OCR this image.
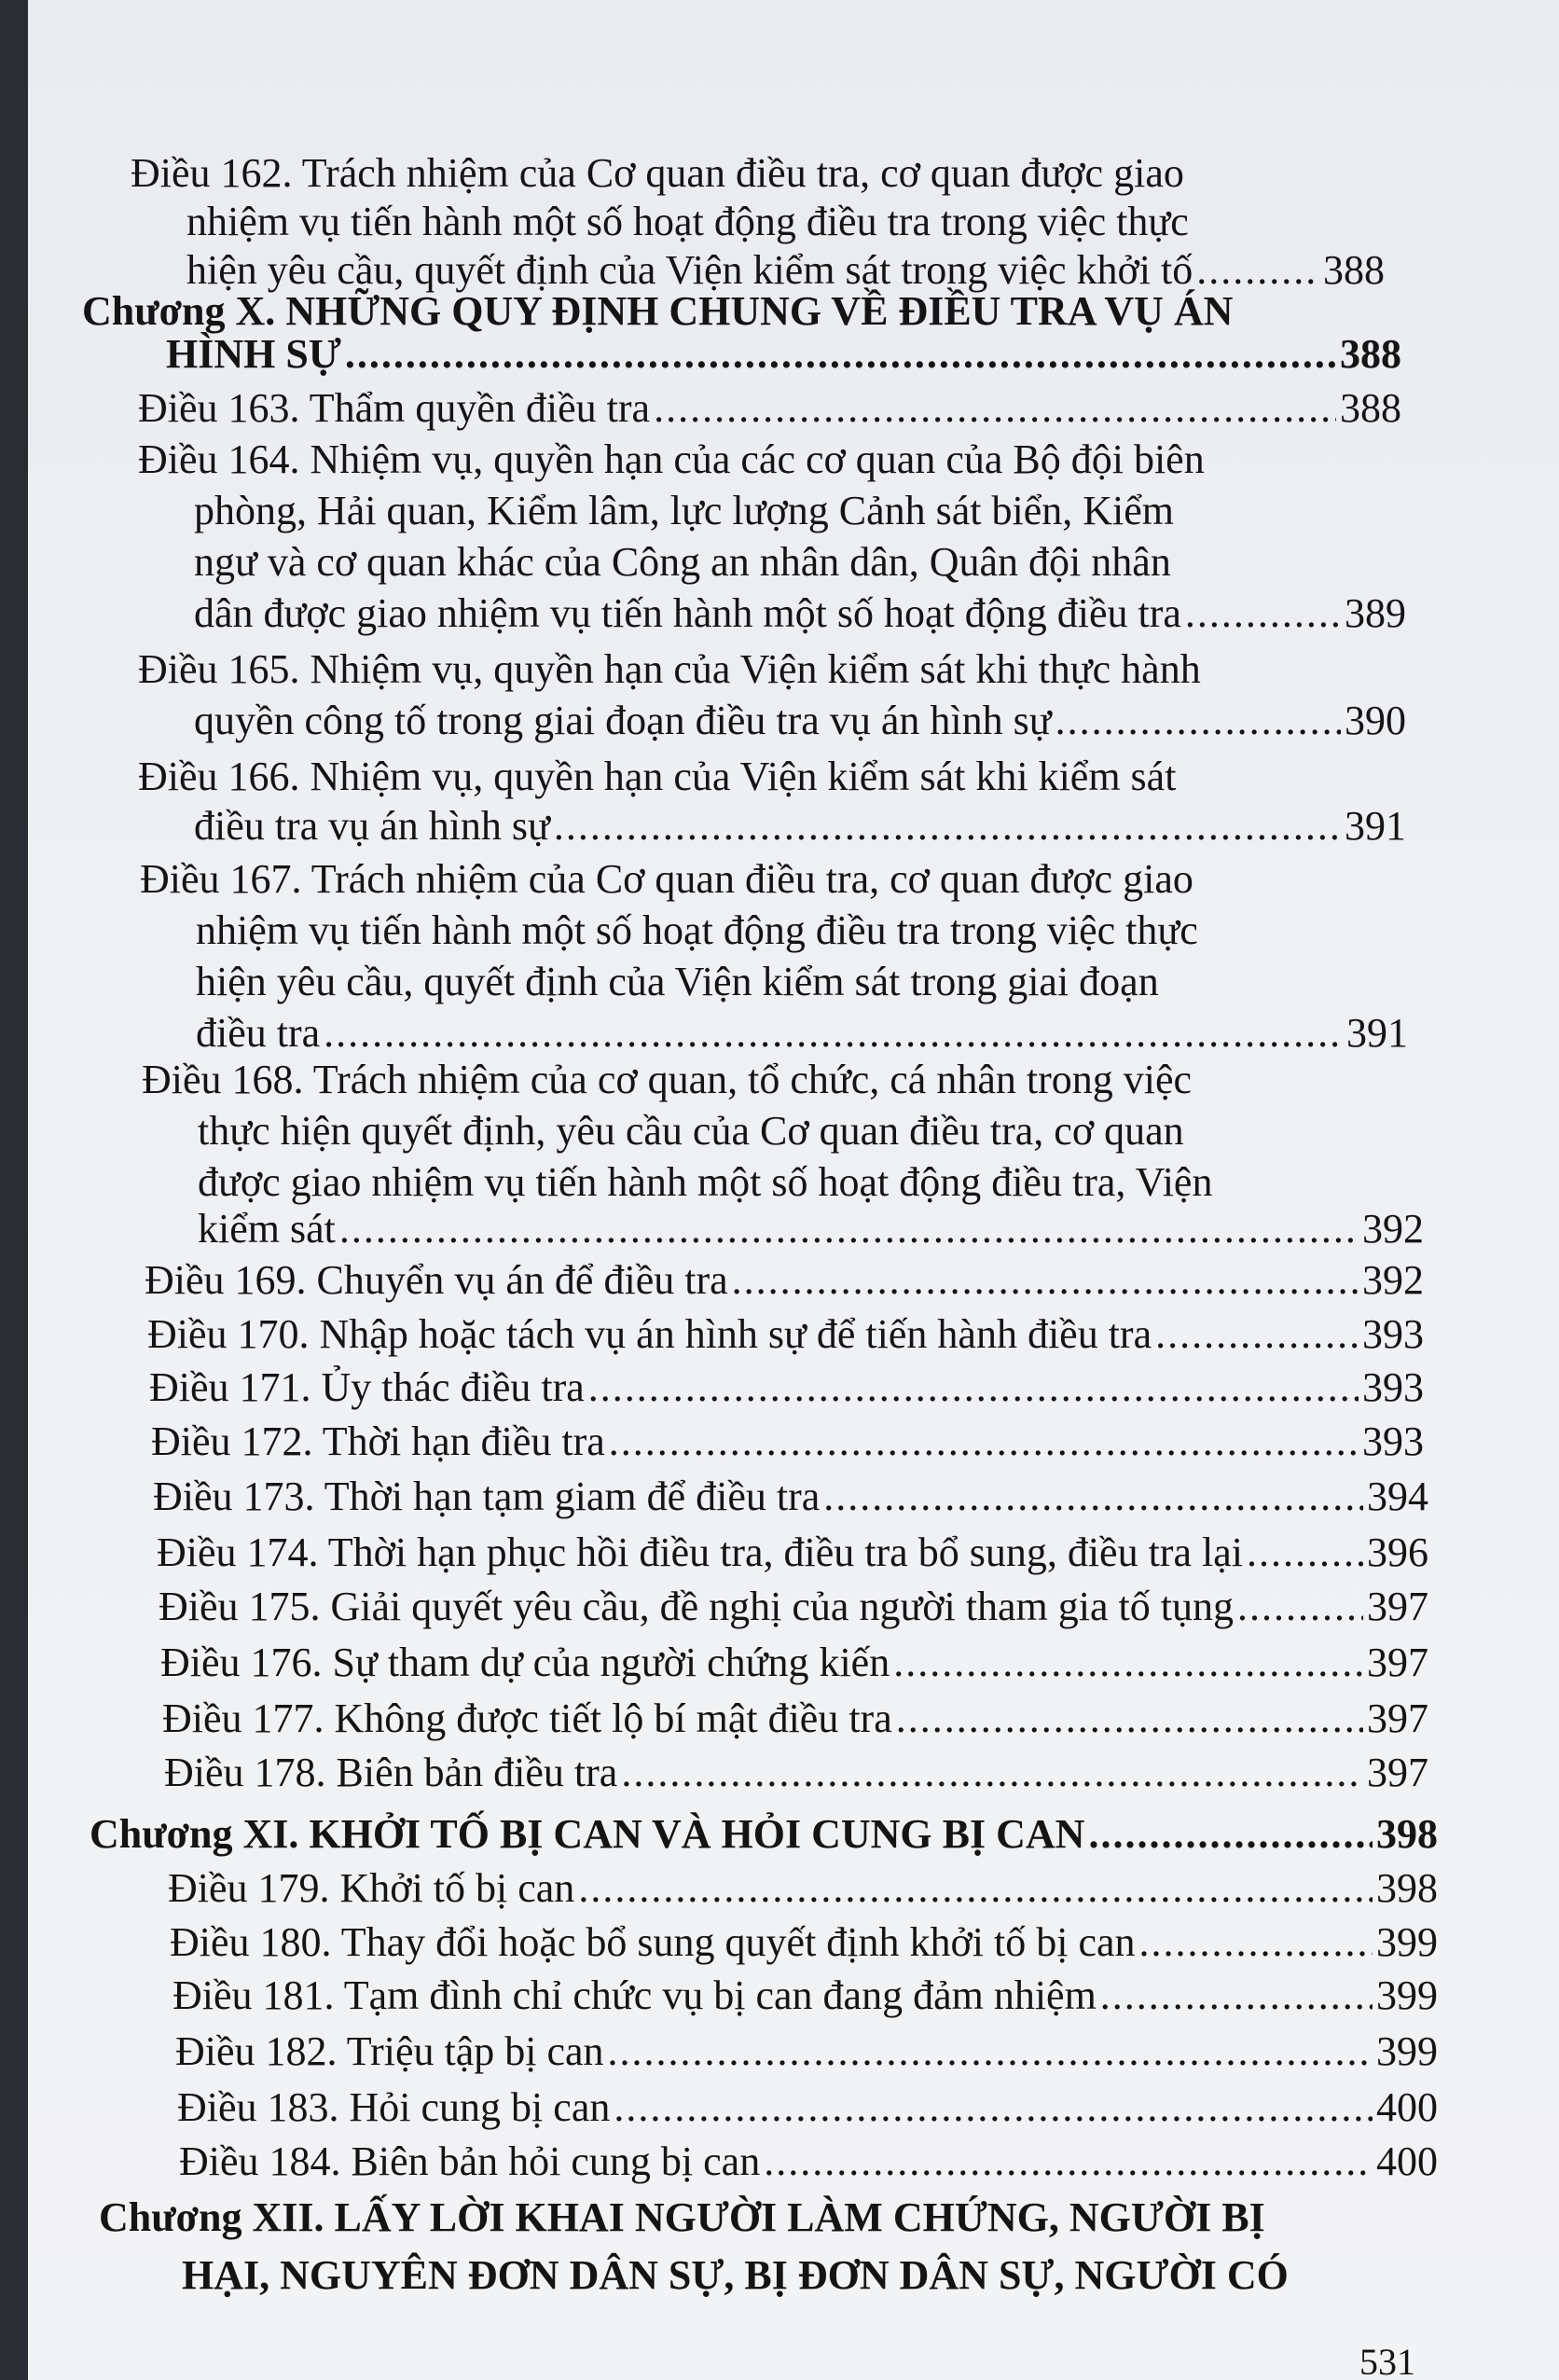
Điều 162. Trách nhiệm của Cơ quan điều tra, cơ quan được giao
nhiệm vụ tiến hành một số hoạt động điều tra trong việc thực
hiện yêu cầu, quyết định của Viện kiểm sát trong việc khởi tố .....	388
Chương X. NHỮNG QUY ĐỊNH CHUNG VỀ ĐIỀU TRA VỤ ÁN
HÌNH SỰ .....	388
Điều 163. Thẩm quyền điều tra .....	388
Điều 164. Nhiệm vụ, quyền hạn của các cơ quan của Bộ đội biên
phòng, Hải quan, Kiểm lâm, lực lượng Cảnh sát biển, Kiểm
ngư và cơ quan khác của Công an nhân dân, Quân đội nhân
dân được giao nhiệm vụ tiến hành một số hoạt động điều tra .....	389
Điều 165. Nhiệm vụ, quyền hạn của Viện kiểm sát khi thực hành
quyền công tố trong giai đoạn điều tra vụ án hình sự .....	390
Điều 166. Nhiệm vụ, quyền hạn của Viện kiểm sát khi kiểm sát
điều tra vụ án hình sự .....	391
Điều 167. Trách nhiệm của Cơ quan điều tra, cơ quan được giao
nhiệm vụ tiến hành một số hoạt động điều tra trong việc thực
hiện yêu cầu, quyết định của Viện kiểm sát trong giai đoạn
điều tra .....	391
Điều 168. Trách nhiệm của cơ quan, tổ chức, cá nhân trong việc
thực hiện quyết định, yêu cầu của Cơ quan điều tra, cơ quan
được giao nhiệm vụ tiến hành một số hoạt động điều tra, Viện
kiểm sát .....	392
Điều 169. Chuyển vụ án để điều tra .....	392
Điều 170. Nhập hoặc tách vụ án hình sự để tiến hành điều tra .....	393
Điều 171. Ủy thác điều tra .....	393
Điều 172. Thời hạn điều tra .....	393
Điều 173. Thời hạn tạm giam để điều tra .....	394
Điều 174. Thời hạn phục hồi điều tra, điều tra bổ sung, điều tra lại .....	396
Điều 175. Giải quyết yêu cầu, đề nghị của người tham gia tố tụng .....	397
Điều 176. Sự tham dự của người chứng kiến .....	397
Điều 177. Không được tiết lộ bí mật điều tra .....	397
Điều 178. Biên bản điều tra .....	397
Chương XI. KHỞI TỐ BỊ CAN VÀ HỎI CUNG BỊ CAN .....	398
Điều 179. Khởi tố bị can .....	398
Điều 180. Thay đổi hoặc bổ sung quyết định khởi tố bị can .....	399
Điều 181. Tạm đình chỉ chức vụ bị can đang đảm nhiệm .....	399
Điều 182. Triệu tập bị can .....	399
Điều 183. Hỏi cung bị can .....	400
Điều 184. Biên bản hỏi cung bị can .....	400
Chương XII. LẤY LỜI KHAI NGƯỜI LÀM CHỨNG, NGƯỜI BỊ
HẠI, NGUYÊN ĐƠN DÂN SỰ, BỊ ĐƠN DÂN SỰ, NGƯỜI CÓ
531
